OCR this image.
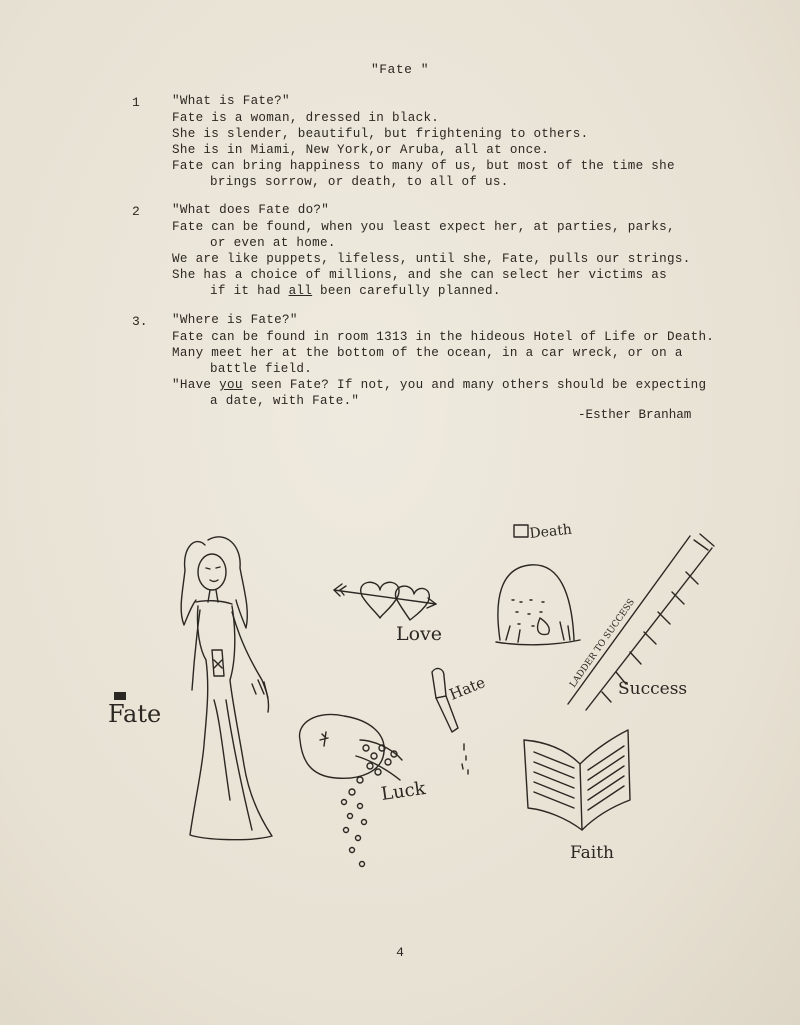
"Fate "
1	"What is Fate?"
Fate is a woman, dressed in black.
She is slender, beautiful, but frightening to others.
She is in Miami, New York,or Aruba, all at once.
Fate can bring happiness to many of us, but most of the time she
brings sorrow, or death, to all of us.
2	"What does Fate do?"
Fate can be found, when you least expect her, at parties, parks,
or even at home.
We are like puppets, lifeless, until she, Fate, pulls our strings.
She has a choice of millions, and she can select her victims as
if it had all been carefully planned.
3. "Where is Fate?"
Fate can be found in room 1313 in the hideous Hotel of Life or Death.
Many meet her at the bottom of the ocean, in a car wreck, or on a
battle field.
"Have you seen Fate? If not, you and many others should be expecting
a date, with Fate."
-Esther Branham
Fate
Love
Death
LADDER TO SUCCESS
Success
Hate
Luck
Faith
4
